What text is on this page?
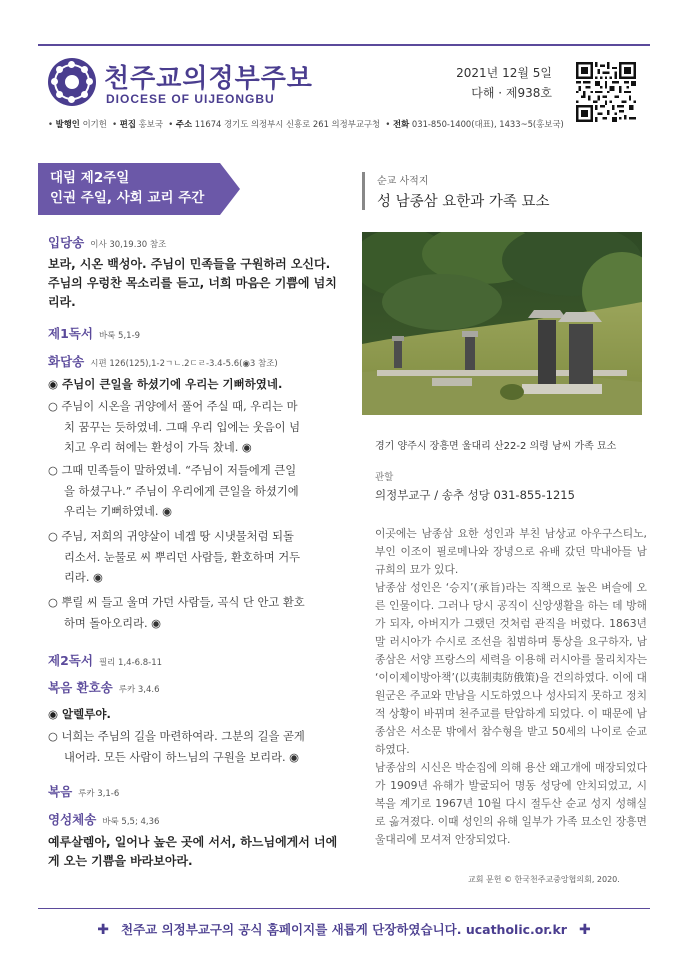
천주교의정부주보
DIOCESE OF UIJEONGBU
2021년 12월 5일
다해 · 제938호
• 발행인 이기헌  • 편집 홍보국  • 주소 11674 경기도 의정부시 신흥로 261 의정부교구청  • 전화 031-850-1400(대표), 1433~5(홍보국)
대림 제2주일
인권 주일, 사회 교리 주간
입당송 이사 30,19.30 참조
보라, 시온 백성아. 주님이 민족들을 구원하러 오신다.
주님의 우렁찬 목소리를 듣고, 너희 마음은 기쁨에 넘치
리라.
제1독서 바룩 5,1-9
화답송 시편 126(125),1-2ㄱㄴ.2ㄷㄹ-3.4-5.6(◉3 참조)
◉ 주님이 큰일을 하셨기에 우리는 기뻐하였네.
○ 주님이 시온을 귀양에서 풀어 주실 때, 우리는 마
치 꿈꾸는 듯하였네. 그때 우리 입에는 웃음이 넘
치고 우리 혀에는 환성이 가득 찼네. ◉
○ 그때 민족들이 말하였네. “주님이 저들에게 큰일
을 하셨구나.” 주님이 우리에게 큰일을 하셨기에
우리는 기뻐하였네. ◉
○ 주님, 저희의 귀양살이 네겝 땅 시냇물처럼 되돌
리소서. 눈물로 씨 뿌리던 사람들, 환호하며 거두
리라. ◉
○ 뿌릴 씨 들고 울며 가던 사람들, 곡식 단 안고 환호
하며 돌아오리라. ◉
제2독서 필리 1,4-6.8-11
복음 환호송 루카 3,4.6
◉ 알렐루야.
○ 너희는 주님의 길을 마련하여라. 그분의 길을 곧게
내어라. 모든 사람이 하느님의 구원을 보리라. ◉
복음 루카 3,1-6
영성체송 바룩 5,5; 4,36
예루살렘아, 일어나 높은 곳에 서서, 하느님에게서 너에
게 오는 기쁨을 바라보아라.
순교 사적지
성 남종삼 요한과 가족 묘소
경기 양주시 장흥면 울대리 산22-2 의령 남씨 가족 묘소
관할
의정부교구 / 송추 성당 031-855-1215

이곳에는 남종삼 요한 성인과 부친 남상교 아우구스티노, 부인 이조이 필로메나와 장녕으로 유배 갔던 막내아들 남규희의 묘가 있다.

남종삼 성인은 ‘승지’(承旨)라는 직책으로 높은 벼슬에 오른 인물이다. 그러나 당시 공직이 신앙생활을 하는 데 방해가 되자, 아버지가 그랬던 것처럼 관직을 버렸다. 1863년 말 러시아가 수시로 조선을 침범하며 통상을 요구하자, 남종삼은 서양 프랑스의 세력을 이용해 러시아를 물리치자는 ‘이이제이방아책’(以夷制夷防俄策)을 건의하였다. 이에 대원군은 주교와 만남을 시도하였으나 성사되지 못하고 정치적 상황이 바뀌며 천주교를 탄압하게 되었다. 이 때문에 남종삼은 서소문 밖에서 참수형을 받고 50세의 나이로 순교하였다.

남종삼의 시신은 박순집에 의해 용산 왜고개에 매장되었다가 1909년 유해가 발굴되어 명동 성당에 안치되었고, 시복을 계기로 1967년 10월 다시 절두산 순교 성지 성해실로 옮겨졌다. 이때 성인의 유해 일부가 가족 묘소인 장흥면 울대리에 모셔져 안장되었다.

교회 문헌 © 한국천주교중앙협의회, 2020.
✚ 천주교 의정부교구의 공식 홈페이지를 새롭게 단장하였습니다. ucatholic.or.kr ✚
